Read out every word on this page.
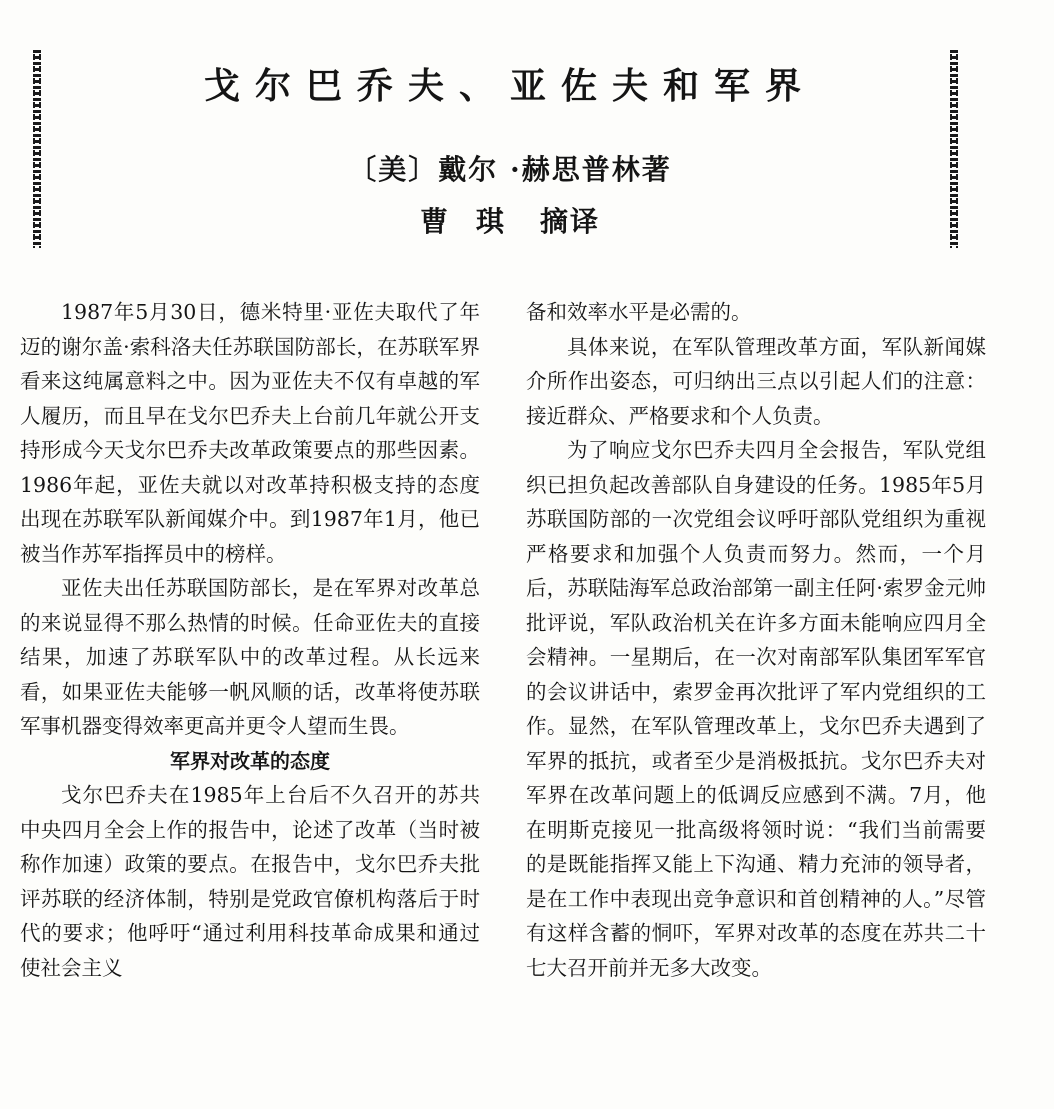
戈尔巴乔夫、亚佐夫和军界
〔美〕戴尔 ·赫思普林著
曹 琪 摘译

1987年5月30日，德米特里·亚佐夫取代了年迈的谢尔盖·索科洛夫任苏联国防部长，在苏联军界看来这纯属意料之中。因为亚佐夫不仅有卓越的军人履历，而且早在戈尔巴乔夫上台前几年就公开支持形成今天戈尔巴乔夫改革政策要点的那些因素。1986年起，亚佐夫就以对改革持积极支持的态度出现在苏联军队新闻媒介中。到1987年1月，他已被当作苏军指挥员中的榜样。

亚佐夫出任苏联国防部长，是在军界对改革总的来说显得不那么热情的时候。任命亚佐夫的直接结果，加速了苏联军队中的改革过程。从长远来看，如果亚佐夫能够一帆风顺的话，改革将使苏联军事机器变得效率更高并更令人望而生畏。

军界对改革的态度

戈尔巴乔夫在1985年上台后不久召开的苏共中央四月全会上作的报告中，论述了改革（当时被称作加速）政策的要点。在报告中，戈尔巴乔夫批评苏联的经济体制，特别是党政官僚机构落后于时代的要求；他呼吁“通过利用科技革命成果和通过使社会主义

备和效率水平是必需的。

具体来说，在军队管理改革方面，军队新闻媒介所作出姿态，可归纳出三点以引起人们的注意：接近群众、严格要求和个人负责。

为了响应戈尔巴乔夫四月全会报告，军队党组织已担负起改善部队自身建设的任务。1985年5月苏联国防部的一次党组会议呼吁部队党组织为重视严格要求和加强个人负责而努力。然而，一个月后，苏联陆海军总政治部第一副主任阿·索罗金元帅批评说，军队政治机关在许多方面未能响应四月全会精神。一星期后，在一次对南部军队集团军军官的会议讲话中，索罗金再次批评了军内党组织的工作。显然，在军队管理改革上，戈尔巴乔夫遇到了军界的抵抗，或者至少是消极抵抗。戈尔巴乔夫对军界在改革问题上的低调反应感到不满。7月，他在明斯克接见一批高级将领时说：“我们当前需要的是既能指挥又能上下沟通、精力充沛的领导者，是在工作中表现出竞争意识和首创精神的人。”尽管有这样含蓄的恫吓，军界对改革的态度在苏共二十七大召开前并无多大改变。
